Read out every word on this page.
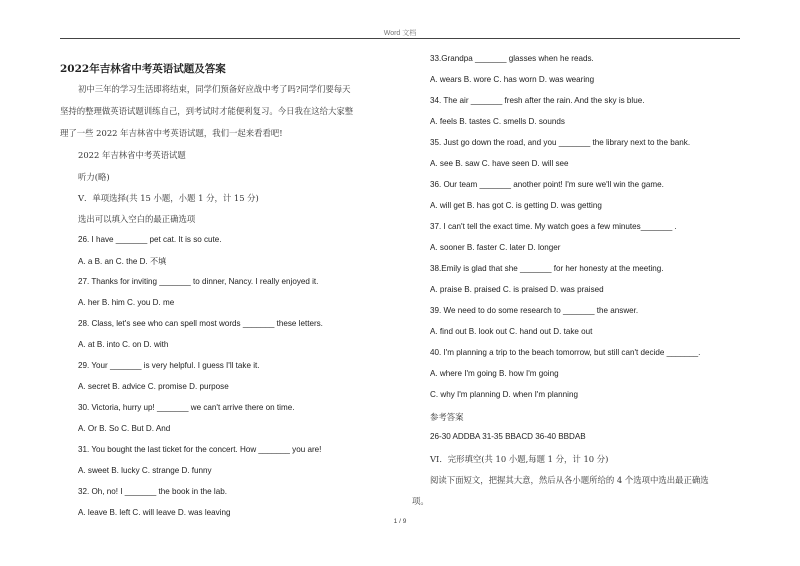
Word 文档
2022年吉林省中考英语试题及答案
初中三年的学习生活即将结束，同学们预备好应战中考了吗?同学们要每天
坚持的整理做英语试题训练自己，到考试时才能便利复习。今日我在这给大家整
理了一些 2022 年吉林省中考英语试题，我们一起来看看吧!
2022 年吉林省中考英语试题
听力(略)
V．单项选择(共 15 小题，小题 1 分，计 15 分)
选出可以填入空白的最正确选项
26. I have _______ pet cat. It is so cute.
A. a B. an C. the D. 不填
27. Thanks for inviting _______ to dinner, Nancy. I really enjoyed it.
A. her B. him C. you D. me
28. Class, let's see who can spell most words _______ these letters.
A. at B. into C. on D. with
29. Your _______ is very helpful. I guess I'll take it.
A. secret B. advice C. promise D. purpose
30. Victoria, hurry up! _______ we can't arrive there on time.
A. Or B. So C. But D. And
31. You bought the last ticket for the concert. How _______ you are!
A. sweet B. lucky C. strange D. funny
32. Oh, no! I _______ the book in the lab.
A. leave B. left C. will leave D. was leaving
33.Grandpa _______ glasses when he reads.
A. wears B. wore C. has worn D. was wearing
34. The air _______ fresh after the rain. And the sky is blue.
A. feels B. tastes C. smells D. sounds
35. Just go down the road, and you _______ the library next to the bank.
A. see B. saw C. have seen D. will see
36. Our team _______ another point! I'm sure we'll win the game.
A. will get B. has got C. is getting D. was getting
37. I can't tell the exact time. My watch goes a few minutes_______ .
A. sooner B. faster C. later D. longer
38.Emily is glad that she _______ for her honesty at the meeting.
A. praise B. praised C. is praised D. was praised
39. We need to do some research to _______ the answer.
A. find out B. look out C. hand out D. take out
40. I'm planning a trip to the beach tomorrow, but still can't decide _______.
A. where I'm going B. how I'm going
C. why I'm planning D. when I'm planning
参考答案
26-30 ADDBA 31-35 BBACD 36-40 BBDAB
VI．完形填空(共 10 小题,每题 1 分，计 10 分)
阅读下面短文，把握其大意，然后从各小题所给的 4 个选项中选出最正确选
项。
1 / 9
